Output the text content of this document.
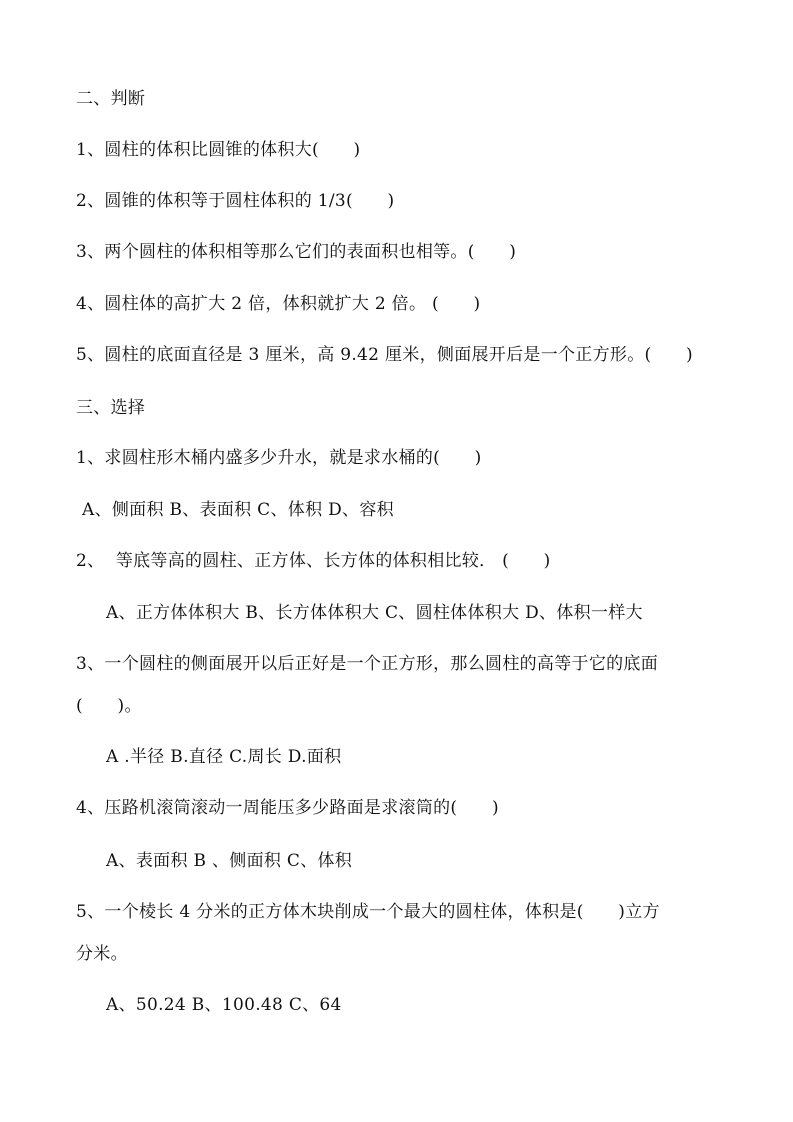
二、判断
1、圆柱的体积比圆锥的体积大(　　)
2、圆锥的体积等于圆柱体积的 1/3(　　)
3、两个圆柱的体积相等那么它们的表面积也相等。(　　)
4、圆柱体的高扩大 2 倍，体积就扩大 2 倍。 (　　)
5、圆柱的底面直径是 3 厘米，高 9.42 厘米，侧面展开后是一个正方形。(　　)
三、选择
1、求圆柱形木桶内盛多少升水，就是求水桶的(　　)
A、侧面积 B、表面积 C、体积 D、容积
2、  等底等高的圆柱、正方体、长方体的体积相比较． (　　)
A、正方体体积大 B、长方体体积大 C、圆柱体体积大 D、体积一样大
3、一个圆柱的侧面展开以后正好是一个正方形，那么圆柱的高等于它的底面
(　　)。
A .半径 B.直径 C.周长 D.面积
4、压路机滚筒滚动一周能压多少路面是求滚筒的(　　)
A、表面积 B 、侧面积 C、体积
5、一个棱长 4 分米的正方体木块削成一个最大的圆柱体，体积是(　　)立方
分米。
A、50.24 B、100.48 C、64
